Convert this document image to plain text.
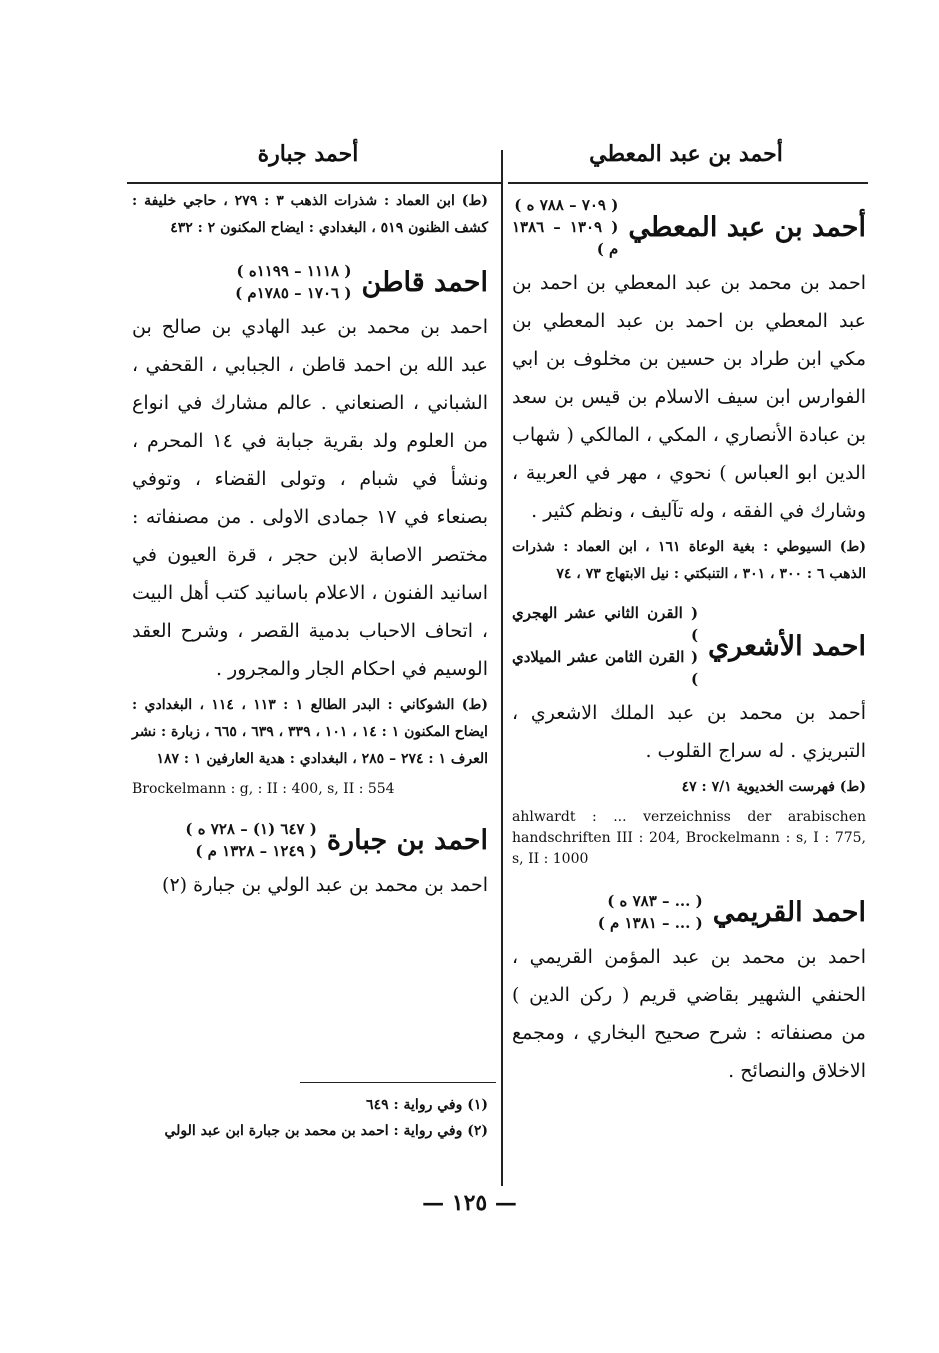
أحمد بن عبد المعطي
أحمد جبارة
أحمد بن عبد المعطي
( ٧٠٩ – ٧٨٨ ه )
( ١٣٠٩ – ١٣٨٦ م )

احمد بن محمد بن عبد المعطي بن احمد بن عبد المعطي بن احمد بن عبد المعطي بن مكي ابن طراد بن حسين بن مخلوف بن ابي الفوارس ابن سيف الاسلام بن قيس بن سعد بن عبادة الأنصاري ، المكي ، المالكي ( شهاب الدين ابو العباس ) نحوي ، مهر في العربية ، وشارك في الفقه ، وله تآليف ، ونظم كثير .

(ط) السيوطي : بغية الوعاة ١٦١ ، ابن العماد : شذرات الذهب ٦ : ٣٠٠ ، ٣٠١ ، التنبكتي : نيل الابتهاج ٧٣ ، ٧٤

احمد الأشعري
( القرن الثاني عشر الهجري )
( القرن الثامن عشر الميلادي )

أحمد بن محمد بن عبد الملك الاشعري ، التبريزي . له سراج القلوب .

(ط) فهرست الخديوية ٧/١ : ٤٧

ahlwardt : ... verzeichniss der arabischen handschriften III : 204, Brockelmann : s, I : 775, s, II : 1000

احمد القريمي
( ... – ٧٨٣ ه )
( ... – ١٣٨١ م )

احمد بن محمد بن عبد المؤمن القريمي ، الحنفي الشهير بقاضي قريم ( ركن الدين ) من مصنفاته : شرح صحيح البخاري ، ومجمع الاخلاق والنصائح .

(ط) ابن العماد : شذرات الذهب ٣ : ٢٧٩ ، حاجي خليفة : كشف الظنون ٥١٩ ، البغدادي : ايضاح المكنون ٢ : ٤٣٢

احمد قاطن
( ١١١٨ – ١١٩٩ه )
( ١٧٠٦ – ١٧٨٥م )

احمد بن محمد بن عبد الهادي بن صالح بن عبد الله بن احمد قاطن ، الجبابي ، القحفي ، الشباني ، الصنعاني . عالم مشارك في انواع من العلوم ولد بقرية جبابة في ١٤ المحرم ، ونشأ في شبام ، وتولى القضاء ، وتوفي بصنعاء في ١٧ جمادى الاولى . من مصنفاته : مختصر الاصابة لابن حجر ، قرة العيون في اسانيد الفنون ، الاعلام باسانيد كتب أهل البيت ، اتحاف الاحباب بدمية القصر ، وشرح العقد الوسيم في احكام الجار والمجرور .

(ط) الشوكاني : البدر الطالع ١ : ١١٣ ، ١١٤ ، البغدادي : ايضاح المكنون ١ : ١٤ ، ١٠١ ، ٣٣٩ ، ٦٣٩ ، ٦٦٥ ، زبارة : نشر العرف ١ : ٢٧٤ – ٢٨٥ ، البغدادي : هدية العارفين ١ : ١٨٧

Brockelmann : g, : II : 400, s, II : 554

احمد بن جبارة
( ٦٤٧ (١) – ٧٢٨ ه )
( ١٢٤٩ – ١٣٢٨ م )

احمد بن محمد بن عبد الولي بن جبارة (٢)

(١) وفي رواية : ٦٤٩

(٢) وفي رواية : احمد بن محمد بن جبارة ابن عبد الولي

— ١٢٥ —
